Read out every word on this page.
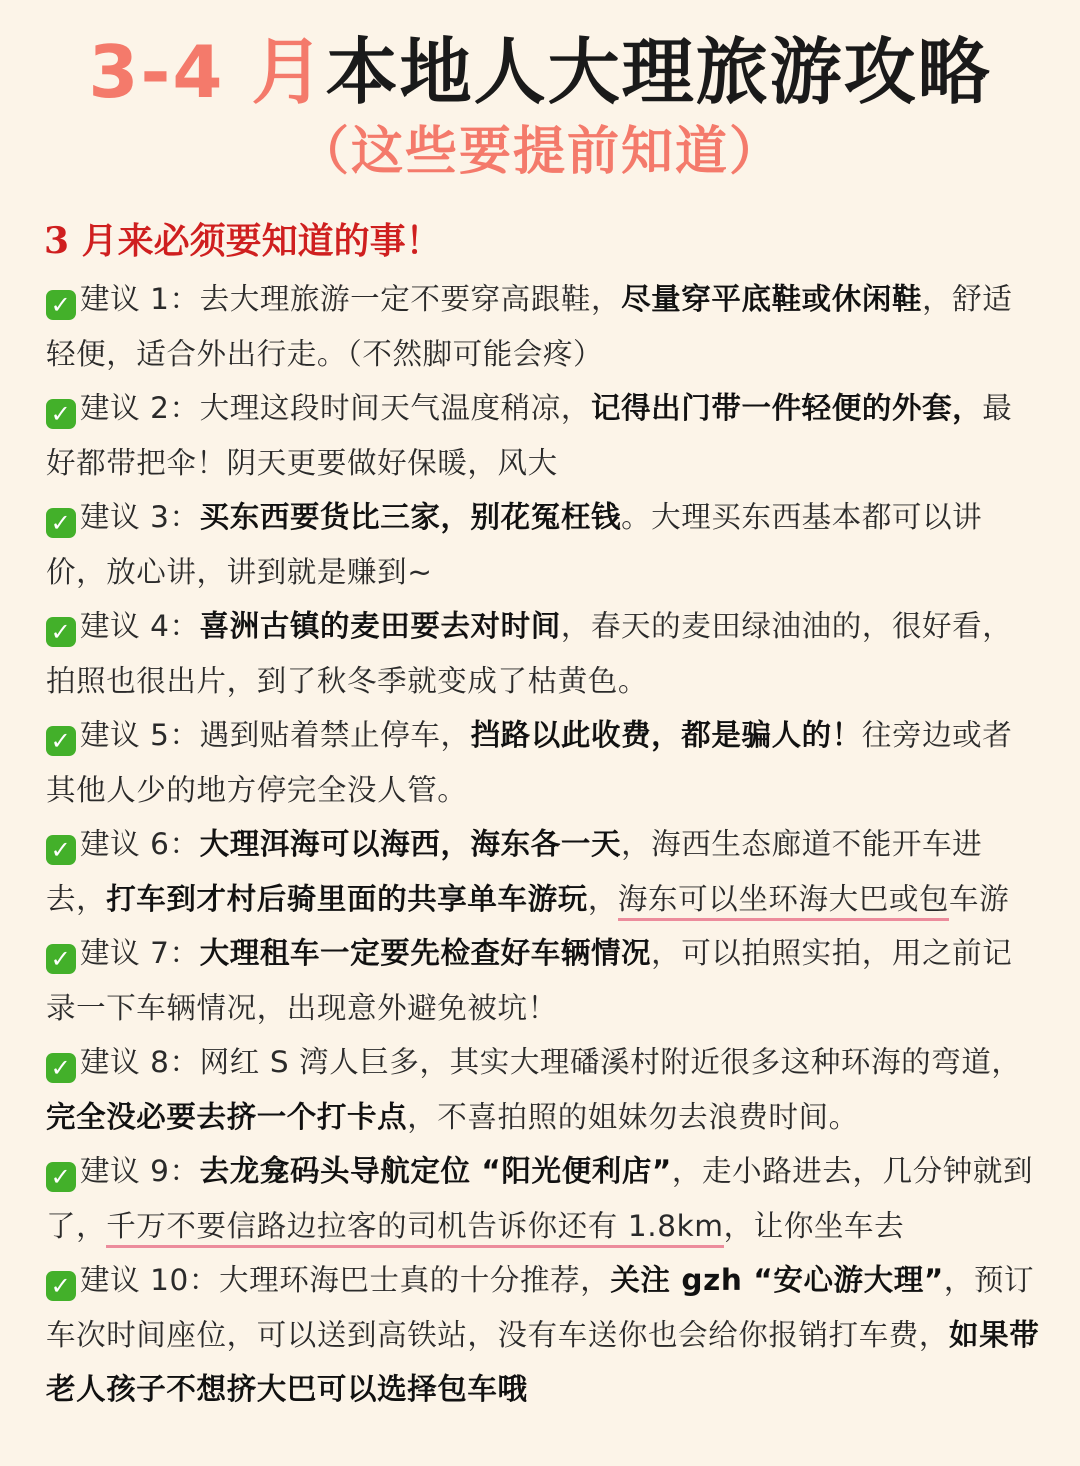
3-4 月本地人大理旅游攻略
（这些要提前知道）
3 月来必须要知道的事！

✓ 建议 1：去大理旅游一定不要穿高跟鞋，尽量穿平底鞋或休闲鞋，舒适轻便，适合外出行走。（不然脚可能会疼）

✓ 建议 2：大理这段时间天气温度稍凉，记得出门带一件轻便的外套，最好都带把伞！阴天更要做好保暖，风大

✓ 建议 3：买东西要货比三家，别花冤枉钱。大理买东西基本都可以讲价，放心讲，讲到就是赚到~

✓ 建议 4：喜洲古镇的麦田要去对时间，春天的麦田绿油油的，很好看，拍照也很出片，到了秋冬季就变成了枯黄色。

✓ 建议 5：遇到贴着禁止停车，挡路以此收费，都是骗人的！往旁边或者其他人少的地方停完全没人管。

✓ 建议 6：大理洱海可以海西，海东各一天，海西生态廊道不能开车进去，打车到才村后骑里面的共享单车游玩，海东可以坐环海大巴或包车游

✓ 建议 7：大理租车一定要先检查好车辆情况，可以拍照实拍，用之前记录一下车辆情况，出现意外避免被坑！

✓ 建议 8：网红 S 湾人巨多，其实大理磻溪村附近很多这种环海的弯道，完全没必要去挤一个打卡点，不喜拍照的姐妹勿去浪费时间。

✓ 建议 9：去龙龛码头导航定位 “阳光便利店”，走小路进去，几分钟就到了，千万不要信路边拉客的司机告诉你还有 1.8km，让你坐车去

✓ 建议 10：大理环海巴士真的十分推荐，关注 gzh “安心游大理”，预订车次时间座位，可以送到高铁站，没有车送你也会给你报销打车费，如果带老人孩子不想挤大巴可以选择包车哦
